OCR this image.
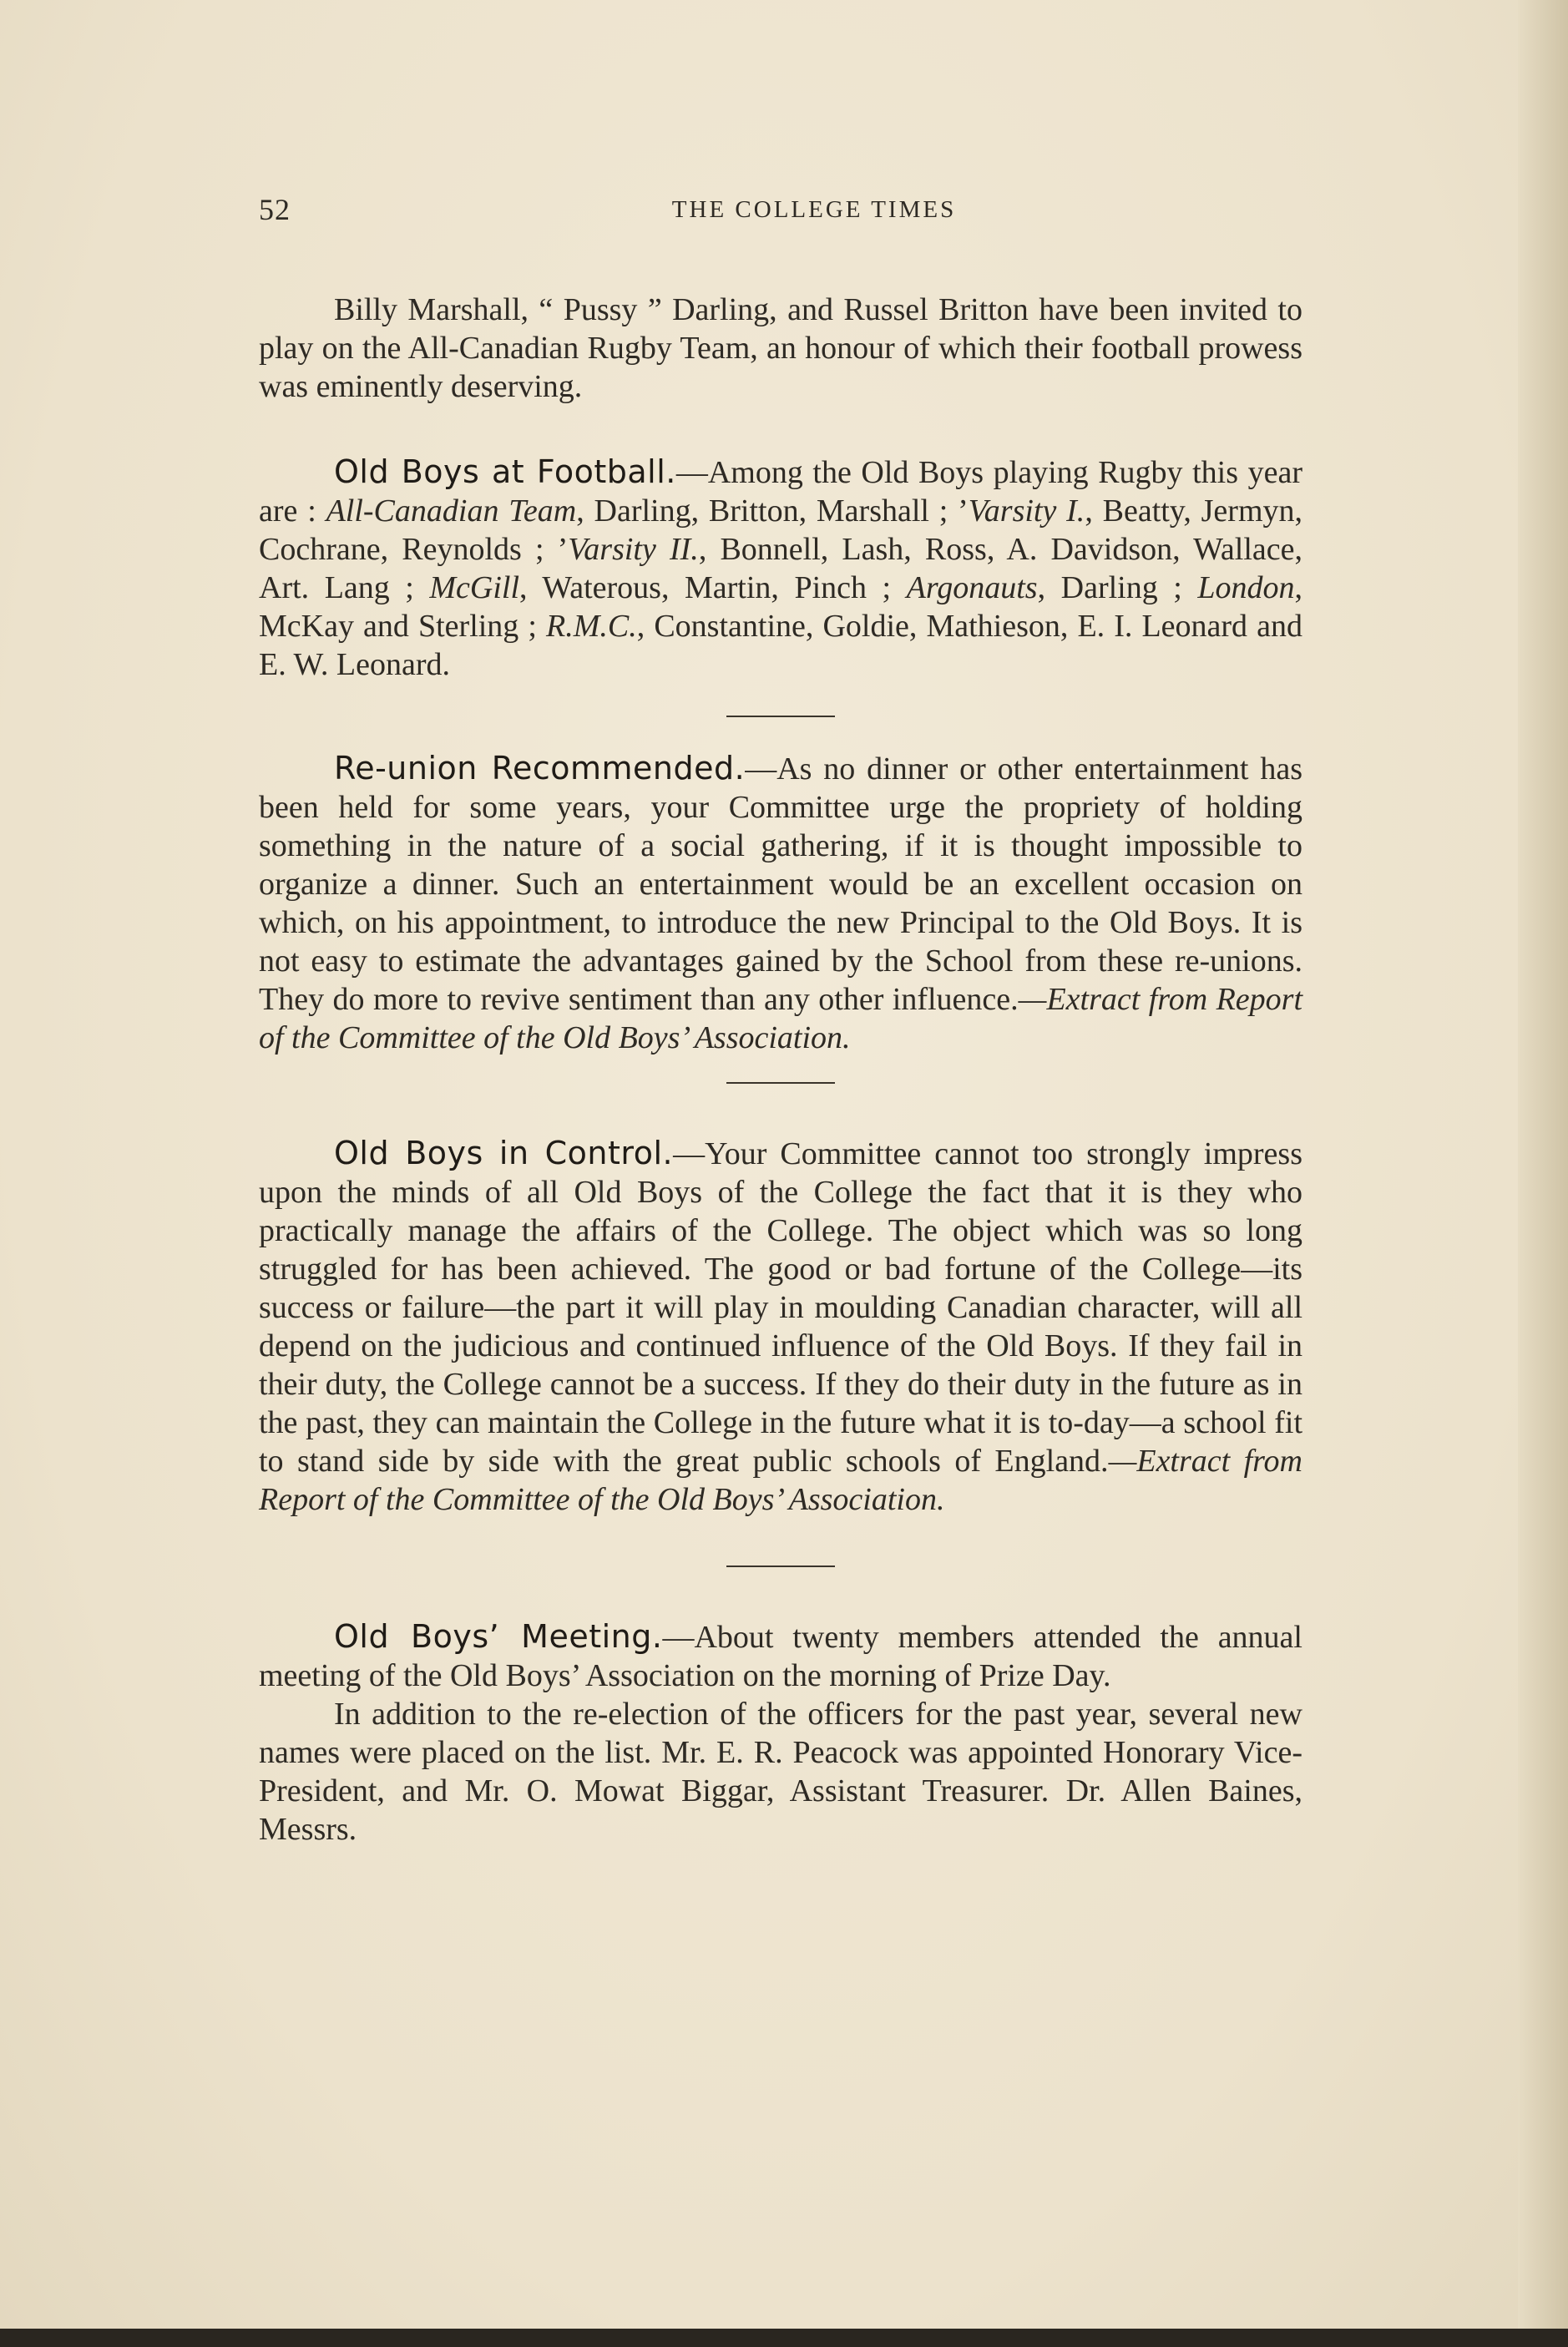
52	THE COLLEGE TIMES

Billy Marshall, “ Pussy ” Darling, and Russel Britton have been invited to play on the All-Canadian Rugby Team, an honour of which their football prowess was eminently deserving.

Old Boys at Football.—Among the Old Boys playing Rugby this year are : All-Canadian Team, Darling, Britton, Marshall ; ’Varsity I., Beatty, Jermyn, Cochrane, Reynolds ; ’Varsity II., Bonnell, Lash, Ross, A. Davidson, Wallace, Art. Lang ; McGill, Waterous, Martin, Pinch ; Argonauts, Darling ; London, McKay and Sterling ; R.M.C., Constantine, Goldie, Mathieson, E. I. Leonard and E. W. Leonard.

Re-union Recommended.—As no dinner or other entertainment has been held for some years, your Committee urge the propriety of holding something in the nature of a social gathering, if it is thought impossible to organize a dinner. Such an entertainment would be an excellent occasion on which, on his appointment, to introduce the new Principal to the Old Boys. It is not easy to estimate the advantages gained by the School from these re-unions. They do more to revive sentiment than any other influence.—Extract from Report of the Committee of the Old Boys’ Association.

Old Boys in Control.—Your Committee cannot too strongly impress upon the minds of all Old Boys of the College the fact that it is they who practically manage the affairs of the College. The object which was so long struggled for has been achieved. The good or bad fortune of the College—its success or failure—the part it will play in moulding Canadian character, will all depend on the judicious and continued influence of the Old Boys. If they fail in their duty, the College cannot be a success. If they do their duty in the future as in the past, they can maintain the College in the future what it is to-day—a school fit to stand side by side with the great public schools of England.—Extract from Report of the Committee of the Old Boys’ Association.

Old Boys’ Meeting.—About twenty members attended the annual meeting of the Old Boys’ Association on the morning of Prize Day.

In addition to the re-election of the officers for the past year, several new names were placed on the list. Mr. E. R. Peacock was appointed Honorary Vice-President, and Mr. O. Mowat Biggar, Assistant Treasurer. Dr. Allen Baines, Messrs.
